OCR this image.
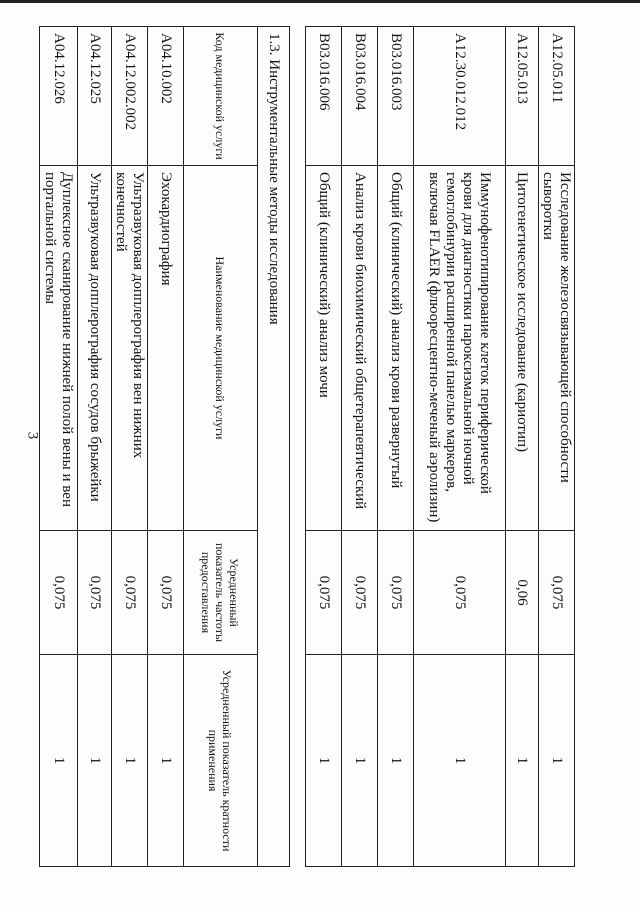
3
A12.05.011	Исследование железосвязывающей способности сыворотки	0,075	1
A12.05.013	Цитогенетическое исследование (кариотип)	0,06	1
A12.30.012.012	Иммунофенотипирование клеток периферической крови для диагностики пароксизмальной ночной гемоглобинурии расширенной панелью маркеров, включая FLAER (флюоресцентно-меченый аэролизин)	0,075	1
B03.016.003	Общий (клинический) анализ крови развернутый	0,075	1
B03.016.004	Анализ крови биохимический общетерапевтический	0,075	1
B03.016.006	Общий (клинический) анализ мочи	0,075	1
1.3. Инструментальные методы исследования			
Код медицинской услуги	Наименование медицинской услуги	Усредненный показатель частоты предоставления	Усредненный показатель кратности применения
A04.10.002	Эхокардиография	0,075	1
A04.12.002.002	Ультразвуковая допплерография вен нижних конечностей	0,075	1
A04.12.025	Ультразвуковая допплерография сосудов брыжейки	0,075	1
A04.12.026	Дуплексное сканирование нижней полой вены и вен портальной системы	0,075	1
